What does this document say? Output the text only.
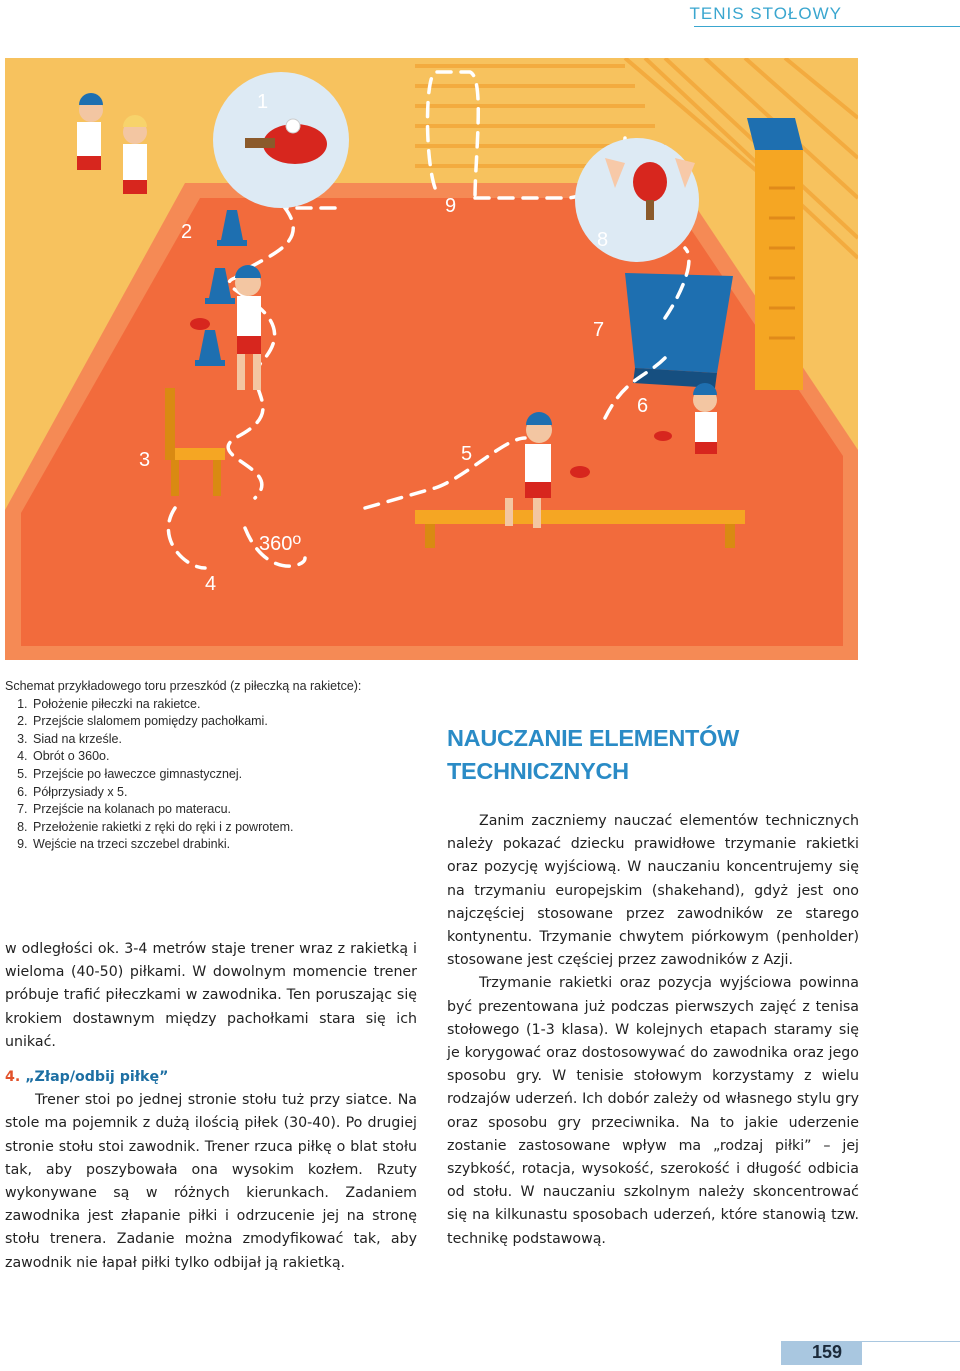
TENIS STOŁOWY
1
2
3
4
5
6
7
8
9
360$^o$

Schemat przykładowego toru przeszkód (z piłeczką na rakietce):

1. Położenie piłeczki na rakietce.
2. Przejście slalomem pomiędzy pachołkami.
3. Siad na krześle.
4. Obrót o 360o.
5. Przejście po ławeczce gimnastycznej.
6. Półprzysiady x 5.
7. Przejście na kolanach po materacu.
8. Przełożenie rakietki z ręki do ręki i z powrotem.
9. Wejście na trzeci szczebel drabinki.

w odległości ok. 3-4 metrów staje trener wraz z rakietką i wieloma (40-50) piłkami. W dowolnym momencie trener próbuje trafić piłeczkami w zawodnika. Ten poruszając się krokiem dostawnym między pachołkami stara się ich unikać.

4. „Złap/odbij piłkę”

Trener stoi po jednej stronie stołu tuż przy siatce. Na stole ma pojemnik z dużą ilością piłek (30-40). Po drugiej stronie stołu stoi zawodnik. Trener rzuca piłkę o blat stołu tak, aby poszybowała ona wysokim kozłem. Rzuty wykonywane są w różnych kierunkach. Zadaniem zawodnika jest złapanie piłki i odrzucenie jej na stronę stołu trenera. Zadanie można zmodyfikować tak, aby zawodnik nie łapał piłki tylko odbijał ją rakietką.

NAUCZANIE ELEMENTÓW
TECHNICZNYCH

Zanim zaczniemy nauczać elementów technicznych należy pokazać dziecku prawidłowe trzymanie rakietki oraz pozycję wyjściową. W nauczaniu koncentrujemy się na trzymaniu europejskim (shakehand), gdyż jest ono najczęściej stosowane przez zawodników ze starego kontynentu. Trzymanie chwytem piórkowym (penholder) stosowane jest częściej przez zawodników z Azji.

Trzymanie rakietki oraz pozycja wyjściowa powinna być prezentowana już podczas pierwszych zajęć z tenisa stołowego (1-3 klasa). W kolejnych etapach staramy się je korygować oraz dostosowywać do zawodnika oraz jego sposobu gry. W tenisie stołowym korzystamy z wielu rodzajów uderzeń. Ich dobór zależy od własnego stylu gry oraz sposobu gry przeciwnika. Na to jakie uderzenie zostanie zastosowane wpływ ma „rodzaj piłki” – jej szybkość, rotacja, wysokość, szerokość i długość odbicia od stołu. W nauczaniu szkolnym należy skoncentrować się na kilkunastu sposobach uderzeń, które stanowią tzw. technikę podstawową.

159
